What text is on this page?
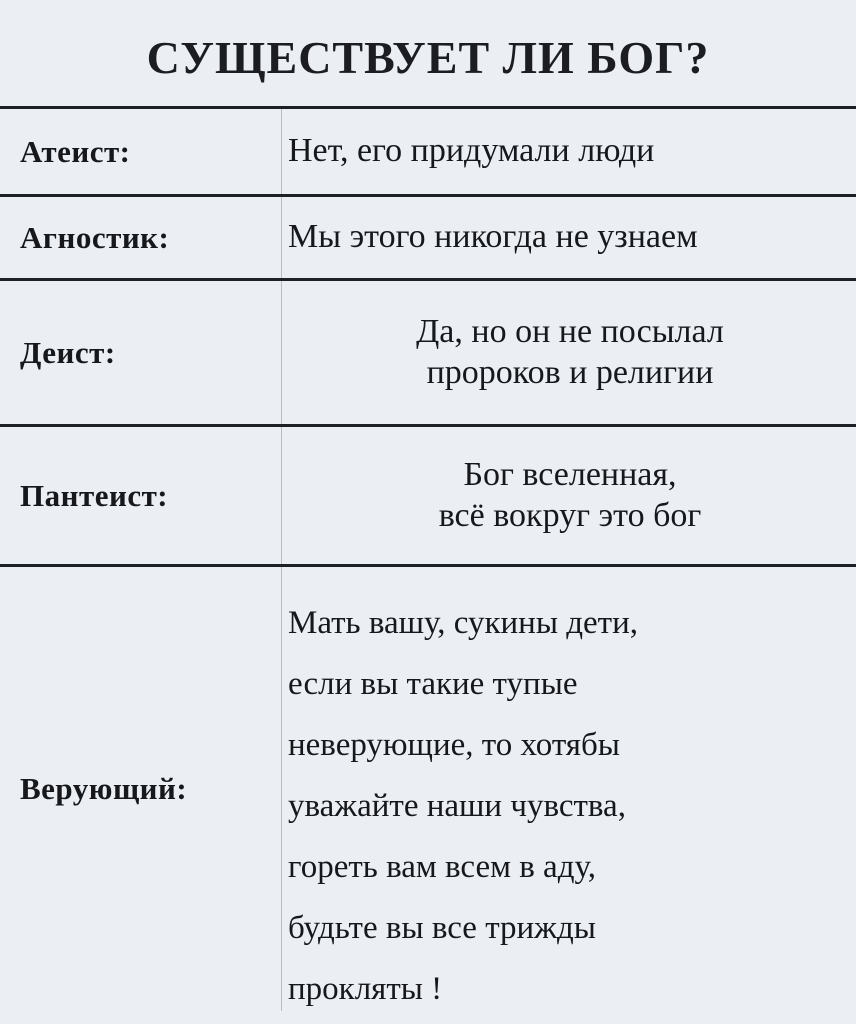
СУЩЕСТВУЕТ ЛИ БОГ?
Атеист:	Нет, его придумали люди
Агностик:	Мы этого никогда не узнаем
Деист:
Да, но он не посылал
пророков и религии
Пантеист:
Бог вселенная,
всё вокруг это бог
Верующий:
Мать вашу, сукины дети,
если вы такие тупые
неверующие, то хотябы
уважайте наши чувства,
гореть вам всем в аду,
будьте вы все трижды
прокляты !
